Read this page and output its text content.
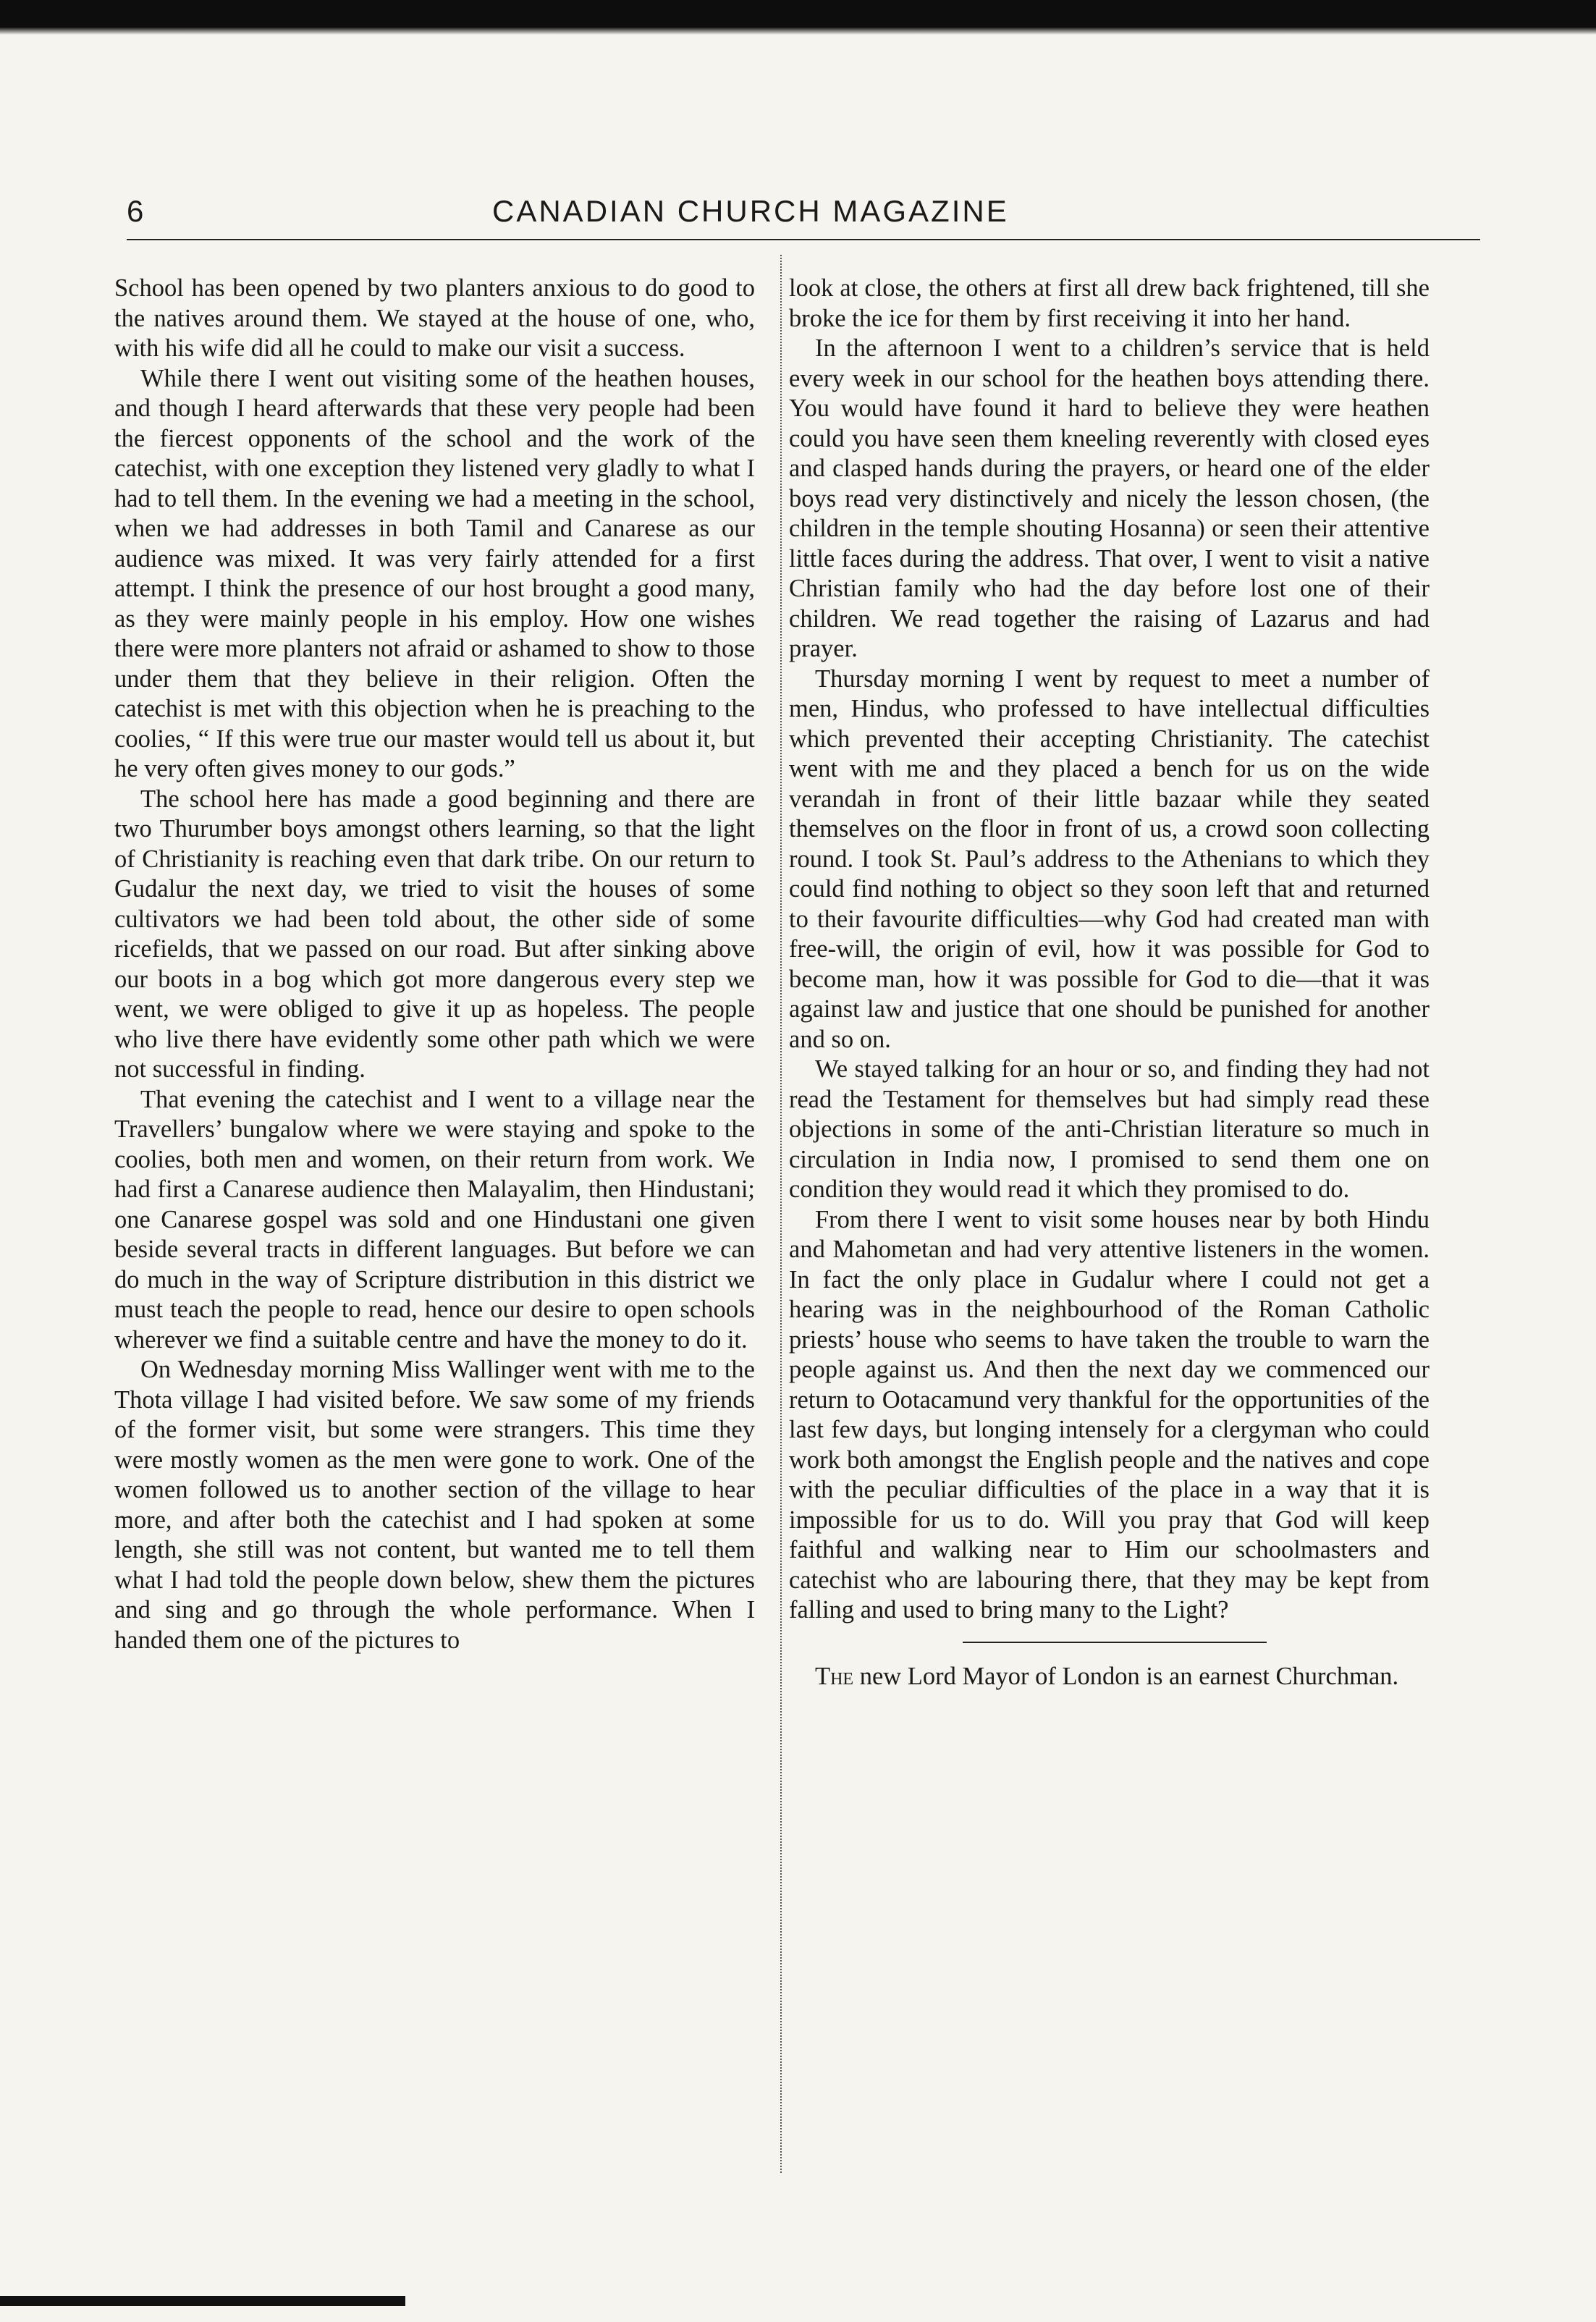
6	CANADIAN CHURCH MAGAZINE

School has been opened by two planters anxious to do good to the natives around them. We stayed at the house of one, who, with his wife did all he could to make our visit a success.

While there I went out visiting some of the heathen houses, and though I heard afterwards that these very people had been the fiercest opponents of the school and the work of the catechist, with one exception they listened very gladly to what I had to tell them. In the evening we had a meeting in the school, when we had addresses in both Tamil and Canarese as our audience was mixed. It was very fairly attended for a first attempt. I think the presence of our host brought a good many, as they were mainly people in his employ. How one wishes there were more planters not afraid or ashamed to show to those under them that they believe in their religion. Often the catechist is met with this objection when he is preaching to the coolies, “ If this were true our master would tell us about it, but he very often gives money to our gods.”

The school here has made a good beginning and there are two Thurumber boys amongst others learning, so that the light of Christianity is reaching even that dark tribe. On our return to Gudalur the next day, we tried to visit the houses of some cultivators we had been told about, the other side of some ricefields, that we passed on our road. But after sinking above our boots in a bog which got more dangerous every step we went, we were obliged to give it up as hopeless. The people who live there have evidently some other path which we were not successful in finding.

That evening the catechist and I went to a village near the Travellers’ bungalow where we were staying and spoke to the coolies, both men and women, on their return from work. We had first a Canarese audience then Malayalim, then Hindustani; one Canarese gospel was sold and one Hindustani one given beside several tracts in different languages. But before we can do much in the way of Scripture distribution in this district we must teach the people to read, hence our desire to open schools wherever we find a suitable centre and have the money to do it.

On Wednesday morning Miss Wallinger went with me to the Thota village I had visited before. We saw some of my friends of the former visit, but some were strangers. This time they were mostly women as the men were gone to work. One of the women followed us to another section of the village to hear more, and after both the catechist and I had spoken at some length, she still was not content, but wanted me to tell them what I had told the people down below, shew them the pictures and sing and go through the whole performance. When I handed them one of the pictures to

look at close, the others at first all drew back frightened, till she broke the ice for them by first receiving it into her hand.

In the afternoon I went to a children’s service that is held every week in our school for the heathen boys attending there. You would have found it hard to believe they were heathen could you have seen them kneeling reverently with closed eyes and clasped hands during the prayers, or heard one of the elder boys read very distinctively and nicely the lesson chosen, (the children in the temple shouting Hosanna) or seen their attentive little faces during the address. That over, I went to visit a native Christian family who had the day before lost one of their children. We read together the raising of Lazarus and had prayer.

Thursday morning I went by request to meet a number of men, Hindus, who professed to have intellectual difficulties which prevented their accepting Christianity. The catechist went with me and they placed a bench for us on the wide verandah in front of their little bazaar while they seated themselves on the floor in front of us, a crowd soon collecting round. I took St. Paul’s address to the Athenians to which they could find nothing to object so they soon left that and returned to their favourite difficulties—why God had created man with free-will, the origin of evil, how it was possible for God to become man, how it was possible for God to die—that it was against law and justice that one should be punished for another and so on.

We stayed talking for an hour or so, and finding they had not read the Testament for themselves but had simply read these objections in some of the anti-Christian literature so much in circulation in India now, I promised to send them one on condition they would read it which they promised to do.

From there I went to visit some houses near by both Hindu and Mahometan and had very attentive listeners in the women. In fact the only place in Gudalur where I could not get a hearing was in the neighbourhood of the Roman Catholic priests’ house who seems to have taken the trouble to warn the people against us. And then the next day we commenced our return to Ootacamund very thankful for the opportunities of the last few days, but longing intensely for a clergyman who could work both amongst the English people and the natives and cope with the peculiar difficulties of the place in a way that it is impossible for us to do. Will you pray that God will keep faithful and walking near to Him our schoolmasters and catechist who are labouring there, that they may be kept from falling and used to bring many to the Light?

The new Lord Mayor of London is an earnest Churchman.
